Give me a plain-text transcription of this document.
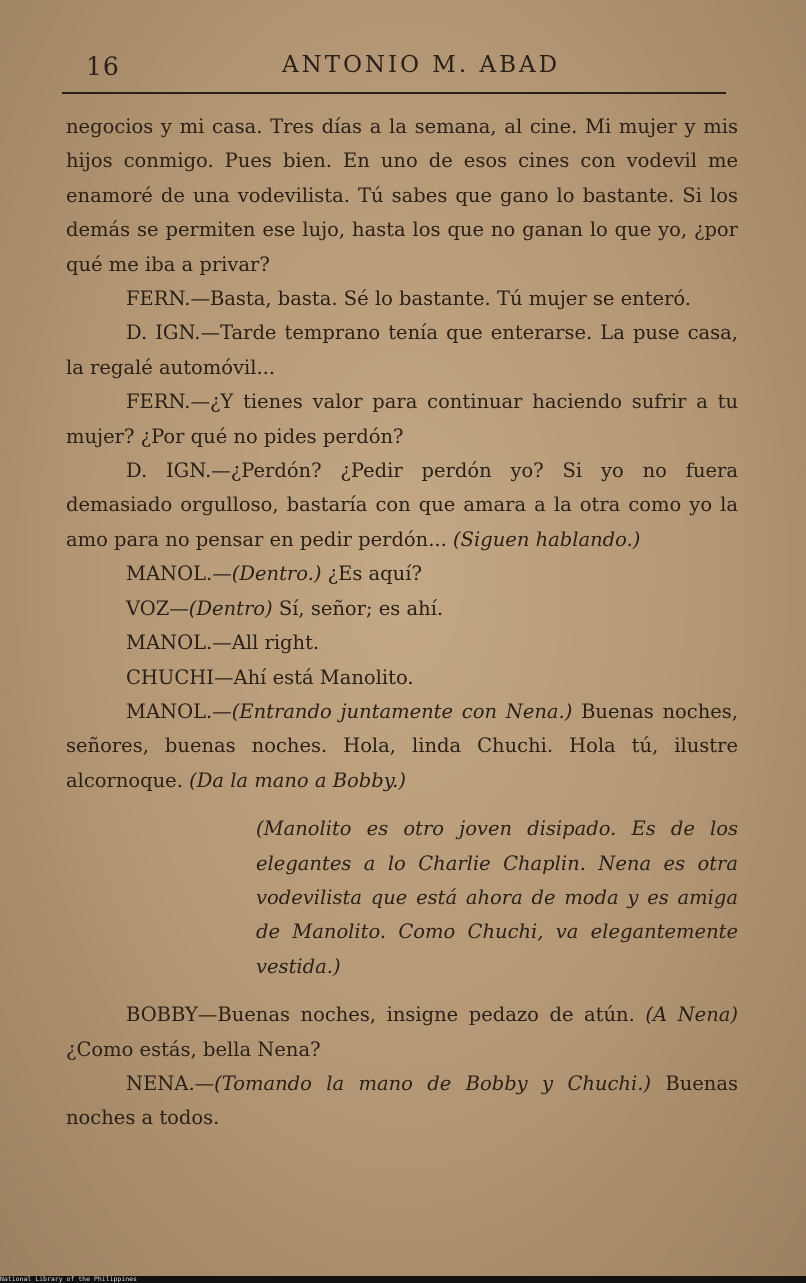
16	ANTONIO M. ABAD

negocios y mi casa. Tres días a la semana, al cine. Mi mujer y mis hijos conmigo. Pues bien. En uno de esos cines con vodevil me enamoré de una vodevilista. Tú sabes que gano lo bastante. Si los demás se permiten ese lujo, hasta los que no ganan lo que yo, ¿por qué me iba a privar?

FERN.—Basta, basta. Sé lo bastante. Tú mujer se enteró.

D. IGN.—Tarde temprano tenía que enterarse. La puse casa, la regalé automóvil...

FERN.—¿Y tienes valor para continuar haciendo sufrir a tu mujer? ¿Por qué no pides perdón?

D. IGN.—¿Perdón? ¿Pedir perdón yo? Si yo no fuera demasiado orgulloso, bastaría con que amara a la otra como yo la amo para no pensar en pedir perdón... (Siguen hablando.)

MANOL.—(Dentro.) ¿Es aquí?

VOZ—(Dentro) Sí, señor; es ahí.

MANOL.—All right.

CHUCHI—Ahí está Manolito.

MANOL.—(Entrando juntamente con Nena.) Buenas noches, señores, buenas noches. Hola, linda Chuchi. Hola tú, ilustre alcornoque. (Da la mano a Bobby.)

(Manolito es otro joven disipado. Es de los elegantes a lo Charlie Chaplin. Nena es otra vodevilista que está ahora de moda y es amiga de Manolito. Como Chuchi, va elegantemente vestida.)

BOBBY—Buenas noches, insigne pedazo de atún. (A Nena) ¿Como estás, bella Nena?

NENA.—(Tomando la mano de Bobby y Chuchi.) Buenas noches a todos.

National Library of the Philippines
